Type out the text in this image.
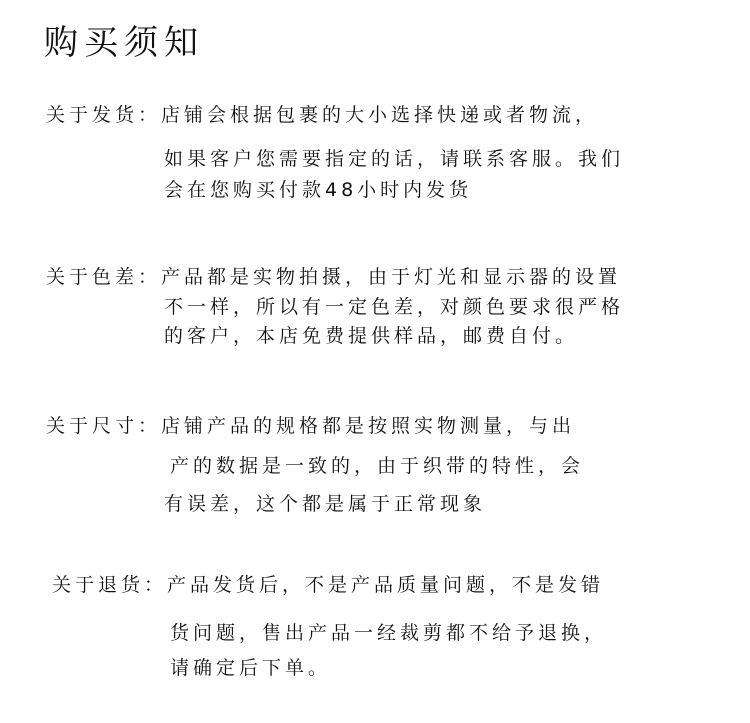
购买须知
关于发货：店铺会根据包裹的大小选择快递或者物流，
如果客户您需要指定的话，请联系客服。我们
会在您购买付款48小时内发货
关于色差：产品都是实物拍摄，由于灯光和显示器的设置
不一样，所以有一定色差，对颜色要求很严格
的客户，本店免费提供样品，邮费自付。
关于尺寸：店铺产品的规格都是按照实物测量，与出
产的数据是一致的，由于织带的特性，会
有误差，这个都是属于正常现象
关于退货：产品发货后，不是产品质量问题，不是发错
货问题，售出产品一经裁剪都不给予退换，
请确定后下单。
